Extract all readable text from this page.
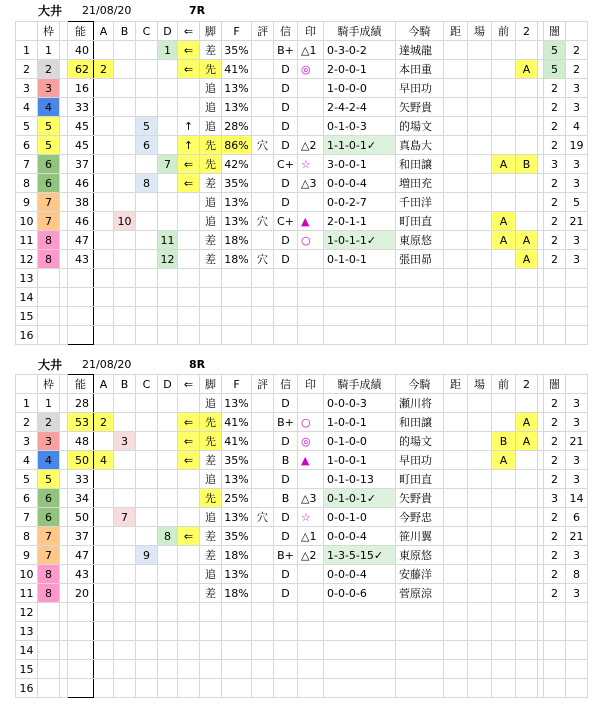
大井 21/08/20	7R
	枠		能	A	B	C	D	⇐	脚	F	評	信	印	騎手成績	今騎	距	場	前	2		闇	
1	1		40				1	⇐	差	35%		B+	△1	0-3-0-2	達城龍						5	2
2	2		62	2				⇐	先	41%		D	◎	2-0-0-1	本田重				A		5	2
3	3		16						追	13%		D		1-0-0-0	早田功						2	3
4	4		33						追	13%		D		2-4-2-4	矢野貴						2	3
5	5		45			5		↑	追	28%		D		0-1-0-3	的場文						2	4
6	5		45			6		↑	先	86%	穴	D	△2	1-1-0-1✓	真島大						2	19
7	6		37				7	⇐	先	42%		C+	☆	3-0-0-1	和田譲			A	B		3	3
8	6		46			8		⇐	差	35%		D	△3	0-0-0-4	増田充						2	3
9	7		38						追	13%		D		0-0-2-7	千田洋						2	5
10	7		46		10				追	13%	穴	C+	▲	2-0-1-1	町田直			A			2	21
11	8		47				11		差	18%		D	○	1-0-1-1✓	東原悠			A	A		2	3
12	8		43				12		差	18%	穴	D		0-1-0-1	張田昴				A		2	3
13																						
14																						
15																						
16																						
大井 21/08/20	8R
	枠		能	A	B	C	D	⇐	脚	F	評	信	印	騎手成績	今騎	距	場	前	2		闇	
1	1		28						追	13%		D		0-0-0-3	瀬川将						2	3
2	2		53	2				⇐	先	41%		B+	○	1-0-0-1	和田譲				A		2	3
3	3		48		3			⇐	先	41%		D	◎	0-1-0-0	的場文			B	A		2	21
4	4		50	4				⇐	差	35%		B	▲	1-0-0-1	早田功			A			2	3
5	5		33						追	13%		D		0-1-0-13	町田直						2	3
6	6		34						先	25%		B	△3	0-1-0-1✓	矢野貴						3	14
7	6		50		7				追	13%	穴	D	☆	0-0-1-0	今野忠						2	6
8	7		37				8	⇐	差	35%		D	△1	0-0-0-4	笹川翼						2	21
9	7		47			9			差	18%		B+	△2	1-3-5-15✓	東原悠						2	3
10	8		43						追	13%		D		0-0-0-4	安藤洋						2	8
11	8		20						差	18%		D		0-0-0-6	菅原涼						2	3
12																						
13																						
14																						
15																						
16																						
